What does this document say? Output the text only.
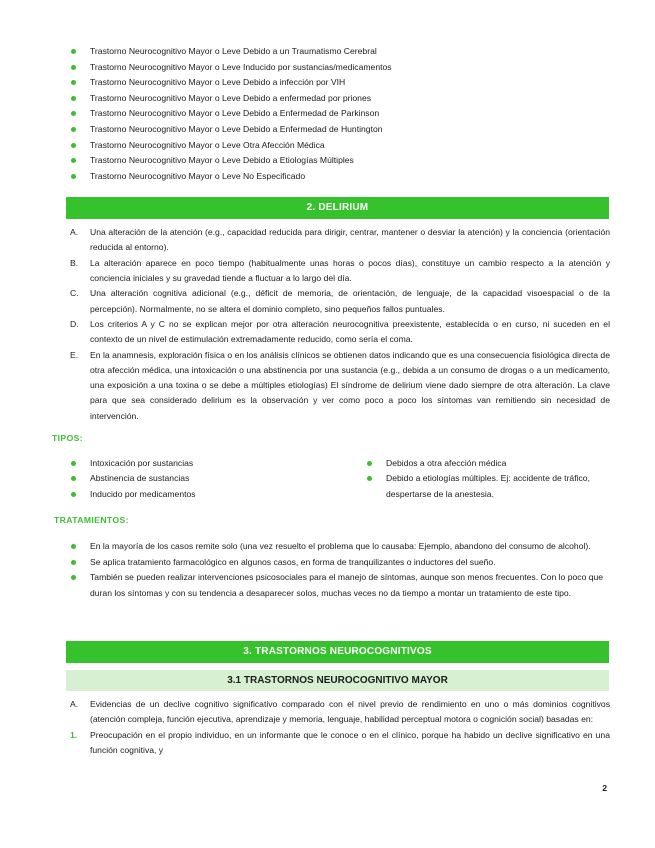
Trastorno Neurocognitivo Mayor o Leve Debido a un Traumatismo Cerebral
Trastorno Neurocognitivo Mayor o Leve Inducido por sustancias/medicamentos
Trastorno Neurocognitivo Mayor o Leve Debido a infección por VIH
Trastorno Neurocognitivo Mayor o Leve Debido a enfermedad por priones
Trastorno Neurocognitivo Mayor o Leve Debido a Enfermedad de Parkinson
Trastorno Neurocognitivo Mayor o Leve Debido a Enfermedad de Huntington
Trastorno Neurocognitivo Mayor o Leve Otra Afección Médica
Trastorno Neurocognitivo Mayor o Leve Debido a Etiologías Múltiples
Trastorno Neurocognitivo Mayor o Leve No Especificado
2. DELIRIUM
A. Una alteración de la atención (e.g., capacidad reducida para dirigir, centrar, mantener o desviar la atención) y la conciencia (orientación reducida al entorno).
B. La alteración aparece en poco tiempo (habitualmente unas horas o pocos días), constituye un cambio respecto a la atención y conciencia iniciales y su gravedad tiende a fluctuar a lo largo del día.
C. Una alteración cognitiva adicional (e.g., déficit de memoria, de orientación, de lenguaje, de la capacidad visoespacial o de la percepción). Normalmente, no se altera el dominio completo, sino pequeños fallos puntuales.
D. Los criterios A y C no se explican mejor por otra alteración neurocognitiva preexistente, establecida o en curso, ni suceden en el contexto de un nivel de estimulación extremadamente reducido, como sería el coma.
E. En la anamnesis, exploración física o en los análisis clínicos se obtienen datos indicando que es una consecuencia fisiológica directa de otra afección médica, una intoxicación o una abstinencia por una sustancia (e.g., debida a un consumo de drogas o a un medicamento, una exposición a una toxina o se debe a múltiples etiologías) El síndrome de delirium viene dado siempre de otra alteración. La clave para que sea considerado delirium es la observación y ver como poco a poco los síntomas van remitiendo sin necesidad de intervención.
TIPOS:
Intoxicación por sustancias
Abstinencia de sustancias
Inducido por medicamentos
Debidos a otra afección médica
Debido a etiologías múltiples. Ej: accidente de tráfico, despertarse de la anestesia.
TRATAMIENTOS:
En la mayoría de los casos remite solo (una vez resuelto el problema que lo causaba: Ejemplo, abandono del consumo de alcohol).
Se aplica tratamiento farmacológico en algunos casos, en forma de tranquilizantes o inductores del sueño.
También se pueden realizar intervenciones psicosociales para el manejo de síntomas, aunque son menos frecuentes. Con lo poco que duran los síntomas y con su tendencia a desaparecer solos, muchas veces no da tiempo a montar un tratamiento de este tipo.
3. TRASTORNOS NEUROCOGNITIVOS
3.1 TRASTORNOS NEUROCOGNITIVO MAYOR
A. Evidencias de un declive cognitivo significativo comparado con el nivel previo de rendimiento en uno o más dominios cognitivos (atención compleja, función ejecutiva, aprendizaje y memoria, lenguaje, habilidad perceptual motora o cognición social) basadas en:
1. Preocupación en el propio individuo, en un informante que le conoce o en el clínico, porque ha habido un declive significativo en una función cognitiva, y
2
